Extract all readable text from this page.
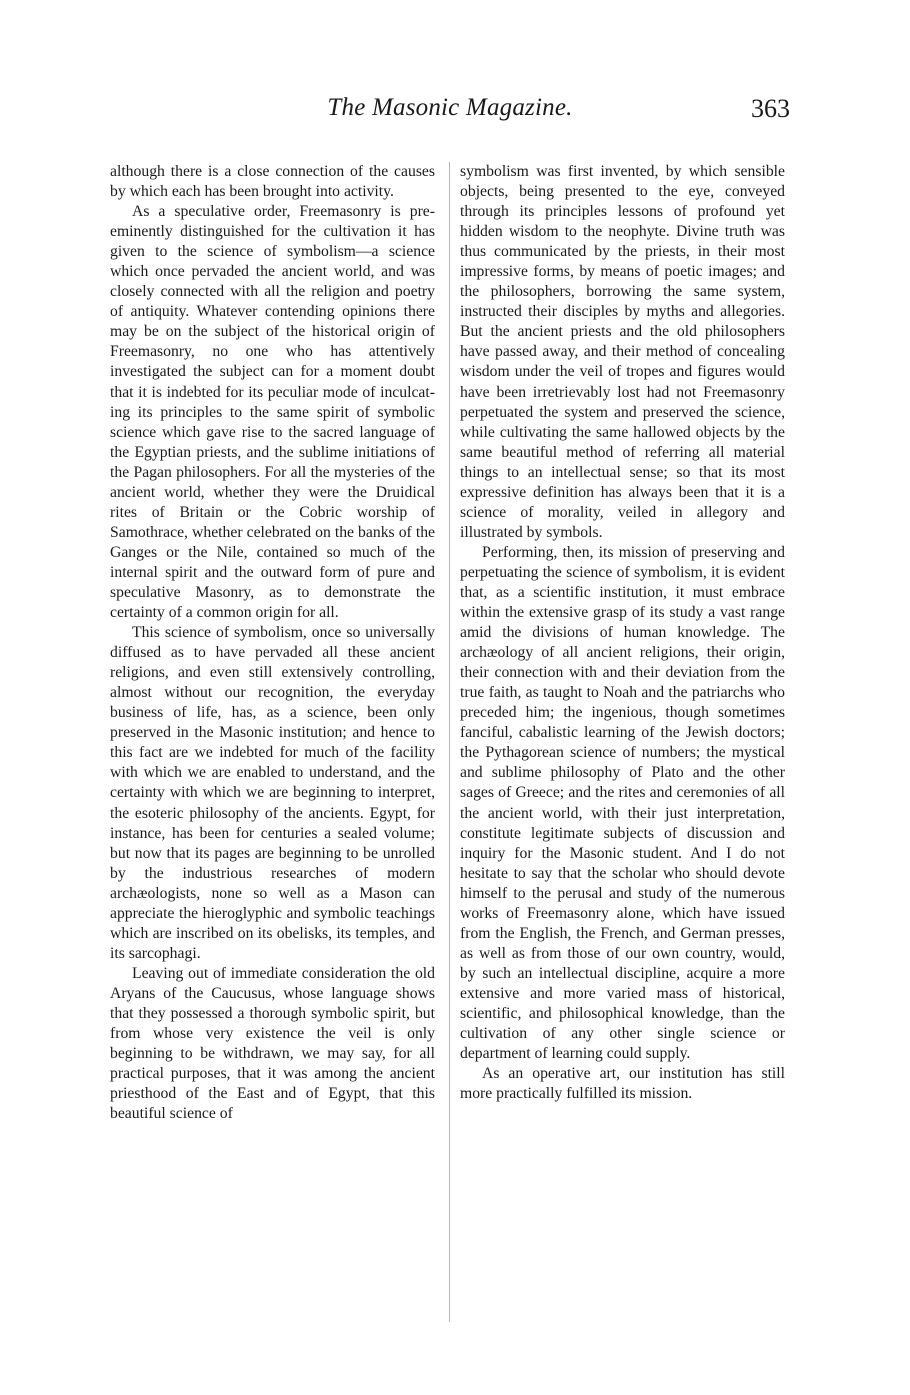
The Masonic Magazine.	363

although there is a close connection of the causes by which each has been brought into activity.

As a speculative order, Freemasonry is pre-eminently distinguished for the cultivation it has given to the science of symbolism—a science which once pervaded the ancient world, and was closely connected with all the religion and poetry of antiquity. Whatever contending opinions there may be on the subject of the historical origin of Freemasonry, no one who has attentively investigated the subject can for a moment doubt that it is indebted for its peculiar mode of inculcating its principles to the same spirit of symbolic science which gave rise to the sacred language of the Egyptian priests, and the sublime initiations of the Pagan philosophers. For all the mysteries of the ancient world, whether they were the Druidical rites of Britain or the Cobric worship of Samothrace, whether celebrated on the banks of the Ganges or the Nile, contained so much of the internal spirit and the outward form of pure and speculative Masonry, as to demonstrate the certainty of a common origin for all.

This science of symbolism, once so universally diffused as to have pervaded all these ancient religions, and even still extensively controlling, almost without our recognition, the everyday business of life, has, as a science, been only preserved in the Masonic institution; and hence to this fact are we indebted for much of the facility with which we are enabled to understand, and the certainty with which we are beginning to interpret, the esoteric philosophy of the ancients. Egypt, for instance, has been for centuries a sealed volume; but now that its pages are beginning to be unrolled by the industrious researches of modern archæologists, none so well as a Mason can appreciate the hieroglyphic and symbolic teachings which are inscribed on its obelisks, its temples, and its sarcophagi.

Leaving out of immediate consideration the old Aryans of the Caucusus, whose language shows that they possessed a thorough symbolic spirit, but from whose very existence the veil is only beginning to be withdrawn, we may say, for all practical purposes, that it was among the ancient priesthood of the East and of Egypt, that this beautiful science of

symbolism was first invented, by which sensible objects, being presented to the eye, conveyed through its principles lessons of profound yet hidden wisdom to the neophyte. Divine truth was thus communicated by the priests, in their most impressive forms, by means of poetic images; and the philosophers, borrowing the same system, instructed their disciples by myths and allegories. But the ancient priests and the old philosophers have passed away, and their method of concealing wisdom under the veil of tropes and figures would have been irretrievably lost had not Freemasonry perpetuated the system and preserved the science, while cultivating the same hallowed objects by the same beautiful method of referring all material things to an intellectual sense; so that its most expressive definition has always been that it is a science of morality, veiled in allegory and illustrated by symbols.

Performing, then, its mission of preserving and perpetuating the science of symbolism, it is evident that, as a scientific institution, it must embrace within the extensive grasp of its study a vast range amid the divisions of human knowledge. The archæology of all ancient religions, their origin, their connection with and their deviation from the true faith, as taught to Noah and the patriarchs who preceded him; the ingenious, though sometimes fanciful, cabalistic learning of the Jewish doctors; the Pythagorean science of numbers; the mystical and sublime philosophy of Plato and the other sages of Greece; and the rites and ceremonies of all the ancient world, with their just interpretation, constitute legitimate subjects of discussion and inquiry for the Masonic student. And I do not hesitate to say that the scholar who should devote himself to the perusal and study of the numerous works of Freemasonry alone, which have issued from the English, the French, and German presses, as well as from those of our own country, would, by such an intellectual discipline, acquire a more extensive and more varied mass of historical, scientific, and philosophical knowledge, than the cultivation of any other single science or department of learning could supply.

As an operative art, our institution has still more practically fulfilled its mission.
